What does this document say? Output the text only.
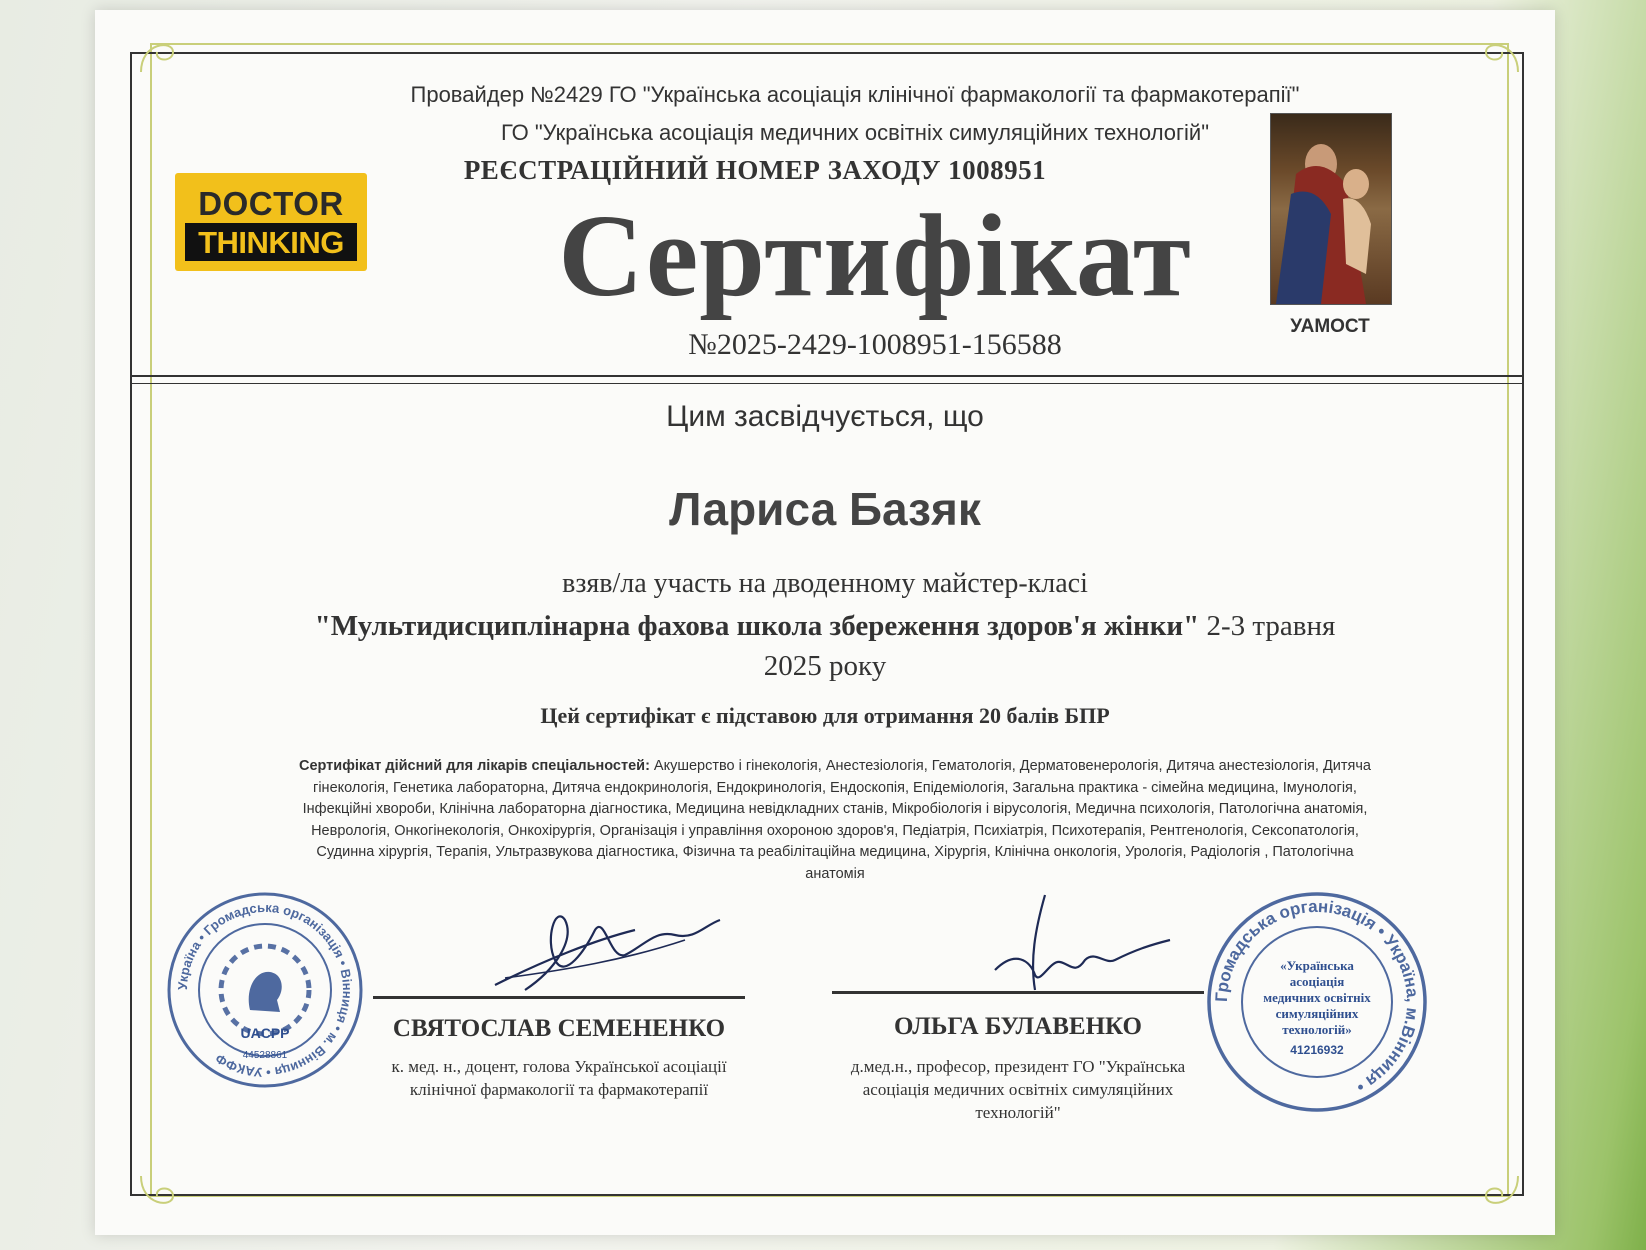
Провайдер №2429 ГО "Українська асоціація клінічної фармакології та фармакотерапії"
ГО "Українська асоціація медичних освітніх симуляційних технологій"
РЕЄСТРАЦІЙНИЙ НОМЕР ЗАХОДУ 1008951
Сертифікат
№2025-2429-1008951-156588
DOCTOR
THINKING
УАМОСТ
Цим засвідчується, що
Лариса Базяк
взяв/ла участь на дводенному майстер-класі
"Мультидисциплінарна фахова школа збереження здоров'я жінки" 2-3 травня 2025 року
Цей сертифікат є підставою для отримання 20 балів БПР
Сертифікат дійсний для лікарів спеціальностей: Акушерство і гінекологія, Анестезіологія, Гематологія, Дерматовенерологія, Дитяча анестезіологія, Дитяча гінекологія, Генетика лабораторна, Дитяча ендокринологія, Ендокринологія, Ендоскопія, Епідеміологія, Загальна практика - сімейна медицина, Імунологія, Інфекційні хвороби, Клінічна лабораторна діагностика, Медицина невідкладних станів, Мікробіологія і вірусологія, Медична психологія, Патологічна анатомія, Неврологія, Онкогінекологія, Онкохірургія, Організація і управління охороною здоров'я, Педіатрія, Психіатрія, Психотерапія, Рентгенологія, Сексопатологія, Судинна хірургія, Терапія, Ультразвукова діагностика, Фізична та реабілітаційна медицина, Хірургія, Клінічна онкологія, Урологія, Радіологія , Патологічна анатомія
СВЯТОСЛАВ СЕМЕНЕНКО	ОЛЬГА БУЛАВЕНКО
к. мед. н., доцент, голова Української асоціації клінічної фармакології та фармакотерапії
д.мед.н., професор, президент ГО "Українська асоціація медичних освітніх симуляційних технологій"
Україна • Громадська організація • Вінниця • м. Вінниця • УАКФФ
UACPP
44528861
Громадська організація • Україна, м.Вінниця •
«Українська
асоціація
медичних освітніх
симуляційних
технологій»
41216932
